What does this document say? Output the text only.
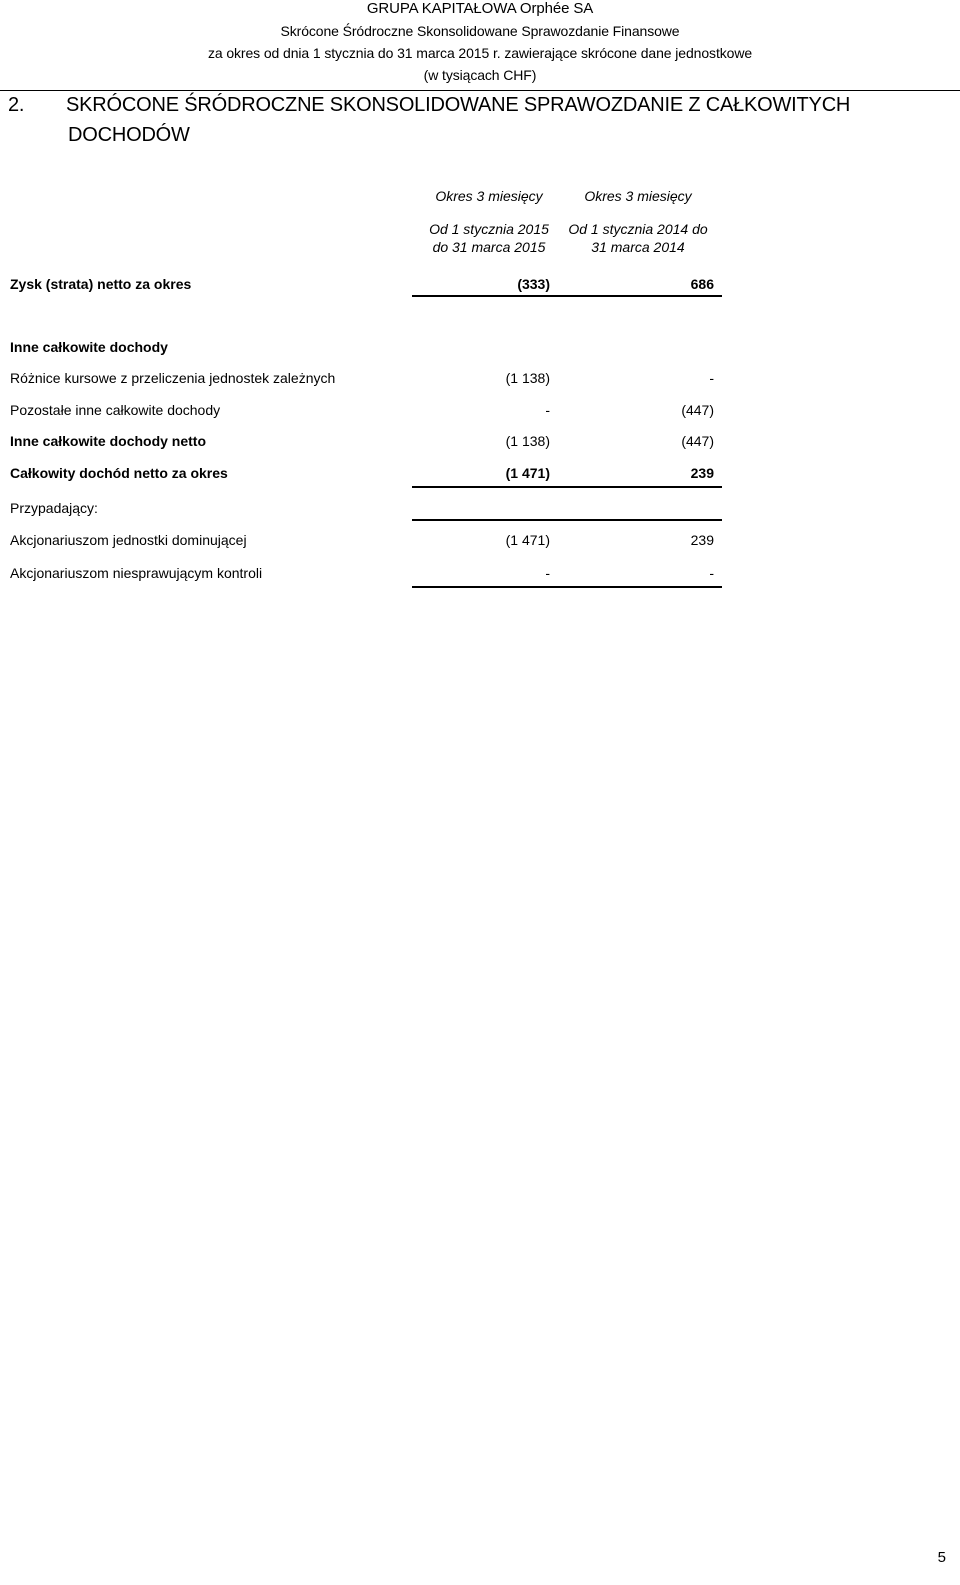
GRUPA KAPITAŁOWA Orphée SA
Skrócone Śródroczne Skonsolidowane Sprawozdanie Finansowe
za okres od dnia 1 stycznia do 31 marca 2015 r. zawierające skrócone dane jednostkowe
(w tysiącach CHF)
2. SKRÓCONE ŚRÓDROCZNE SKONSOLIDOWANE SPRAWOZDANIE Z CAŁKOWITYCH
DOCHODÓW
Okres 3 miesięcy
Od 1 stycznia 2015
do 31 marca 2015
Okres 3 miesięcy
Od 1 stycznia 2014 do
31 marca 2014
Zysk (strata) netto za okres	(333)	686
Inne całkowite dochody
Różnice kursowe z przeliczenia jednostek zależnych	(1 138)	-
Pozostałe inne całkowite dochody	-	(447)
Inne całkowite dochody netto	(1 138)	(447)
Całkowity dochód netto za okres	(1 471)	239
Przypadający:
Akcjonariuszom jednostki dominującej	(1 471)	239
Akcjonariuszom niesprawującym kontroli	-	-
5
